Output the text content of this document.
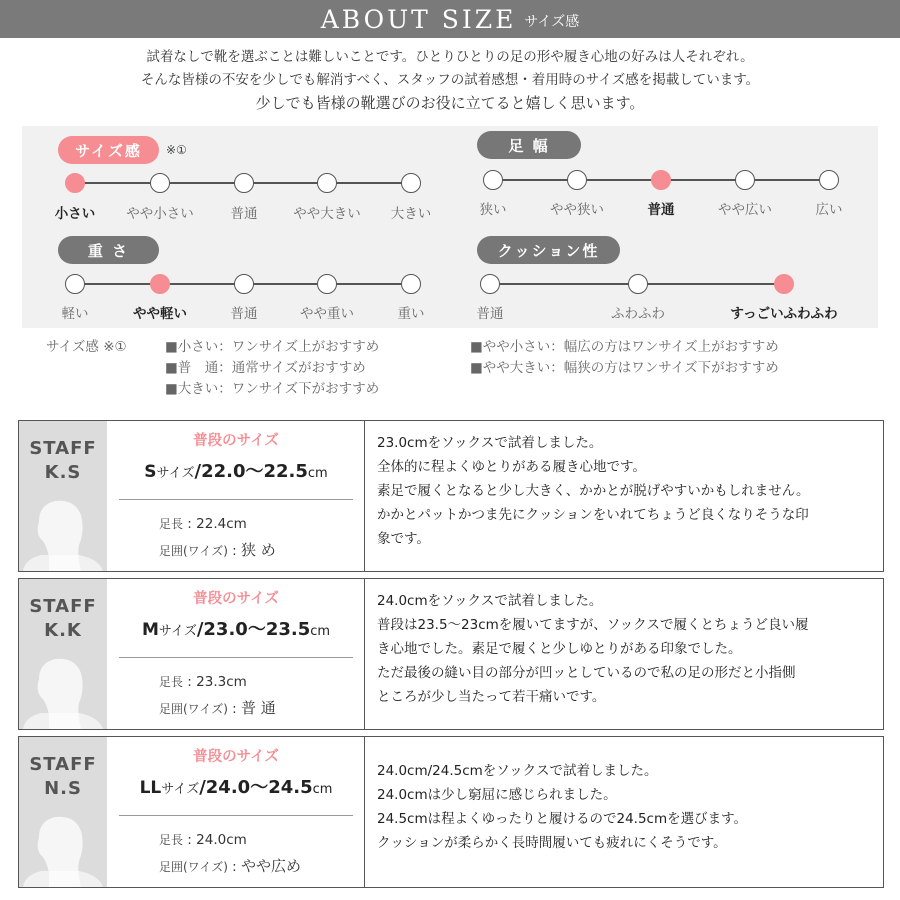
ABOUT SIZE サイズ感
試着なしで靴を選ぶことは難しいことです。ひとりひとりの足の形や履き心地の好みは人それぞれ。
そんな皆様の不安を少しでも解消すべく、スタッフの試着感想・着用時のサイズ感を掲載しています。
少しでも皆様の靴選びのお役に立てると嬉しく思います。
サイズ感	※①
小さい やや小さい	普通	やや大きい 大きい
足 幅
狭い	やや狭い	普通	やや広い	広い
重 さ
軽い	やや軽い	普通	やや重い	重い
クッション性
普通	ふわふわ	すっごいふわふわ
サイズ感 ※①	■小さい：ワンサイズ上がおすすめ
■普　通：通常サイズがおすすめ
■大きい：ワンサイズ下がおすすめ
■やや小さい：幅広の方はワンサイズ上がおすすめ
■やや大きい：幅狭の方はワンサイズ下がおすすめ
STAFF
K.S
普段のサイズ
Sサイズ/22.0〜22.5cm
足長 : 22.4cm
足囲(ワイズ) : 狭 め
23.0cmをソックスで試着しました。
全体的に程よくゆとりがある履き心地です。
素足で履くとなると少し大きく、かかとが脱げやすいかもしれません。
かかとパットかつま先にクッションをいれてちょうど良くなりそうな印
象です。
STAFF
K.K
普段のサイズ
Mサイズ/23.0〜23.5cm
足長 : 23.3cm
足囲(ワイズ) : 普 通
24.0cmをソックスで試着しました。
普段は23.5〜23cmを履いてますが、ソックスで履くとちょうど良い履
き心地でした。素足で履くと少しゆとりがある印象でした。
ただ最後の縫い目の部分が凹ッとしているので私の足の形だと小指側
ところが少し当たって若干痛いです。
STAFF
N.S
普段のサイズ
LLサイズ/24.0〜24.5cm
足長 : 24.0cm
足囲(ワイズ) : やや広め
24.0cm/24.5cmをソックスで試着しました。
24.0cmは少し窮屈に感じられました。
24.5cmは程よくゆったりと履けるので24.5cmを選びます。
クッションが柔らかく長時間履いても疲れにくそうです。
